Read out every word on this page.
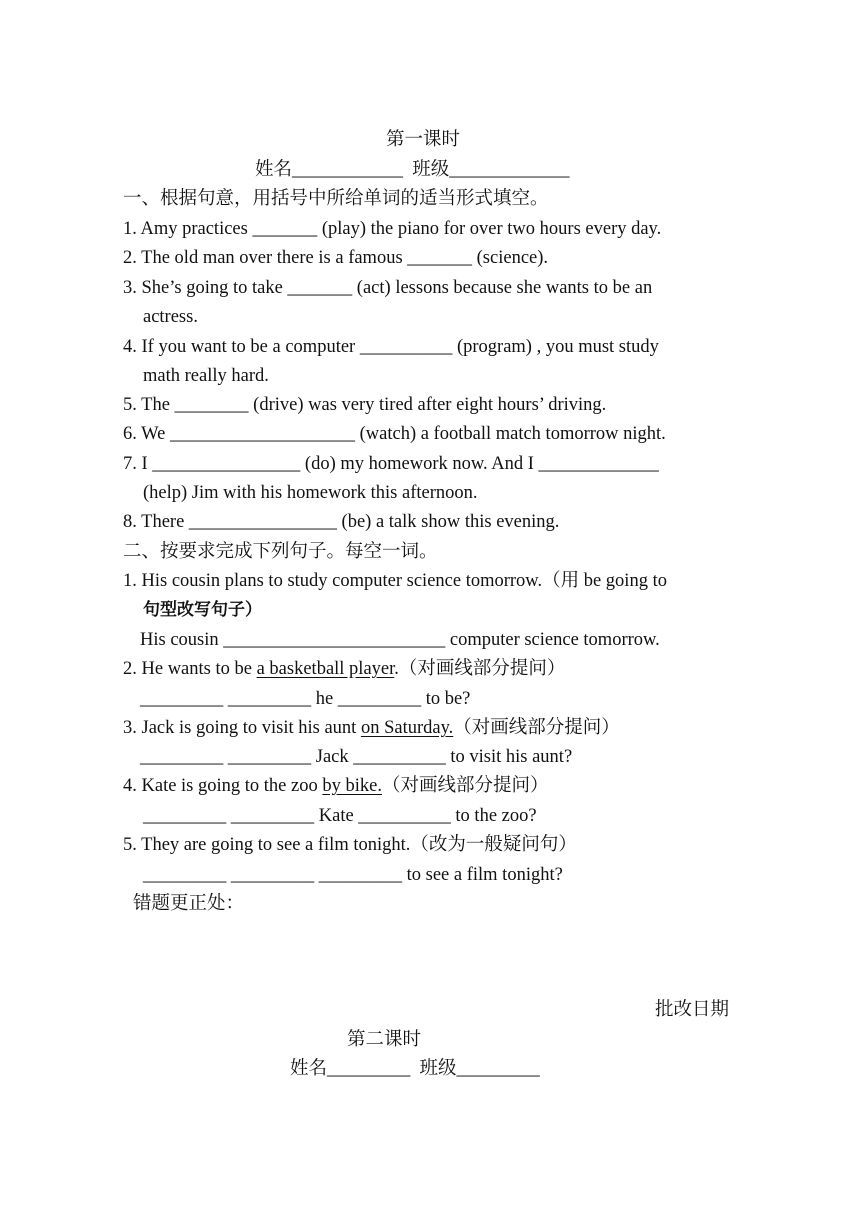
第一课时
姓名____________  班级_____________
一、根据句意，用括号中所给单词的适当形式填空。
1. Amy practices _______ (play) the piano for over two hours every day.
2. The old man over there is a famous _______ (science).
3. She’s going to take _______ (act) lessons because she wants to be an
actress.
4. If you want to be a computer __________ (program) , you must study
math really hard.
5. The ________ (drive) was very tired after eight hours’ driving.
6. We ____________________ (watch) a football match tomorrow night.
7. I ________________ (do) my homework now. And I _____________
(help) Jim with his homework this afternoon.
8. There ________________ (be) a talk show this evening.
二、按要求完成下列句子。每空一词。
1. His cousin plans to study computer science tomorrow.（用 be going to
句型改写句子）
His cousin ________________________ computer science tomorrow.
2. He wants to be a basketball player.（对画线部分提问）
_________ _________ he _________ to be?
3. Jack is going to visit his aunt on Saturday.（对画线部分提问）
_________ _________ Jack __________ to visit his aunt?
4. Kate is going to the zoo by bike.（对画线部分提问）
_________ _________ Kate __________ to the zoo?
5. They are going to see a film tonight.（改为一般疑问句）
_________ _________ _________ to see a film tonight?
错题更正处：
批改日期
第二课时
姓名_________  班级_________
